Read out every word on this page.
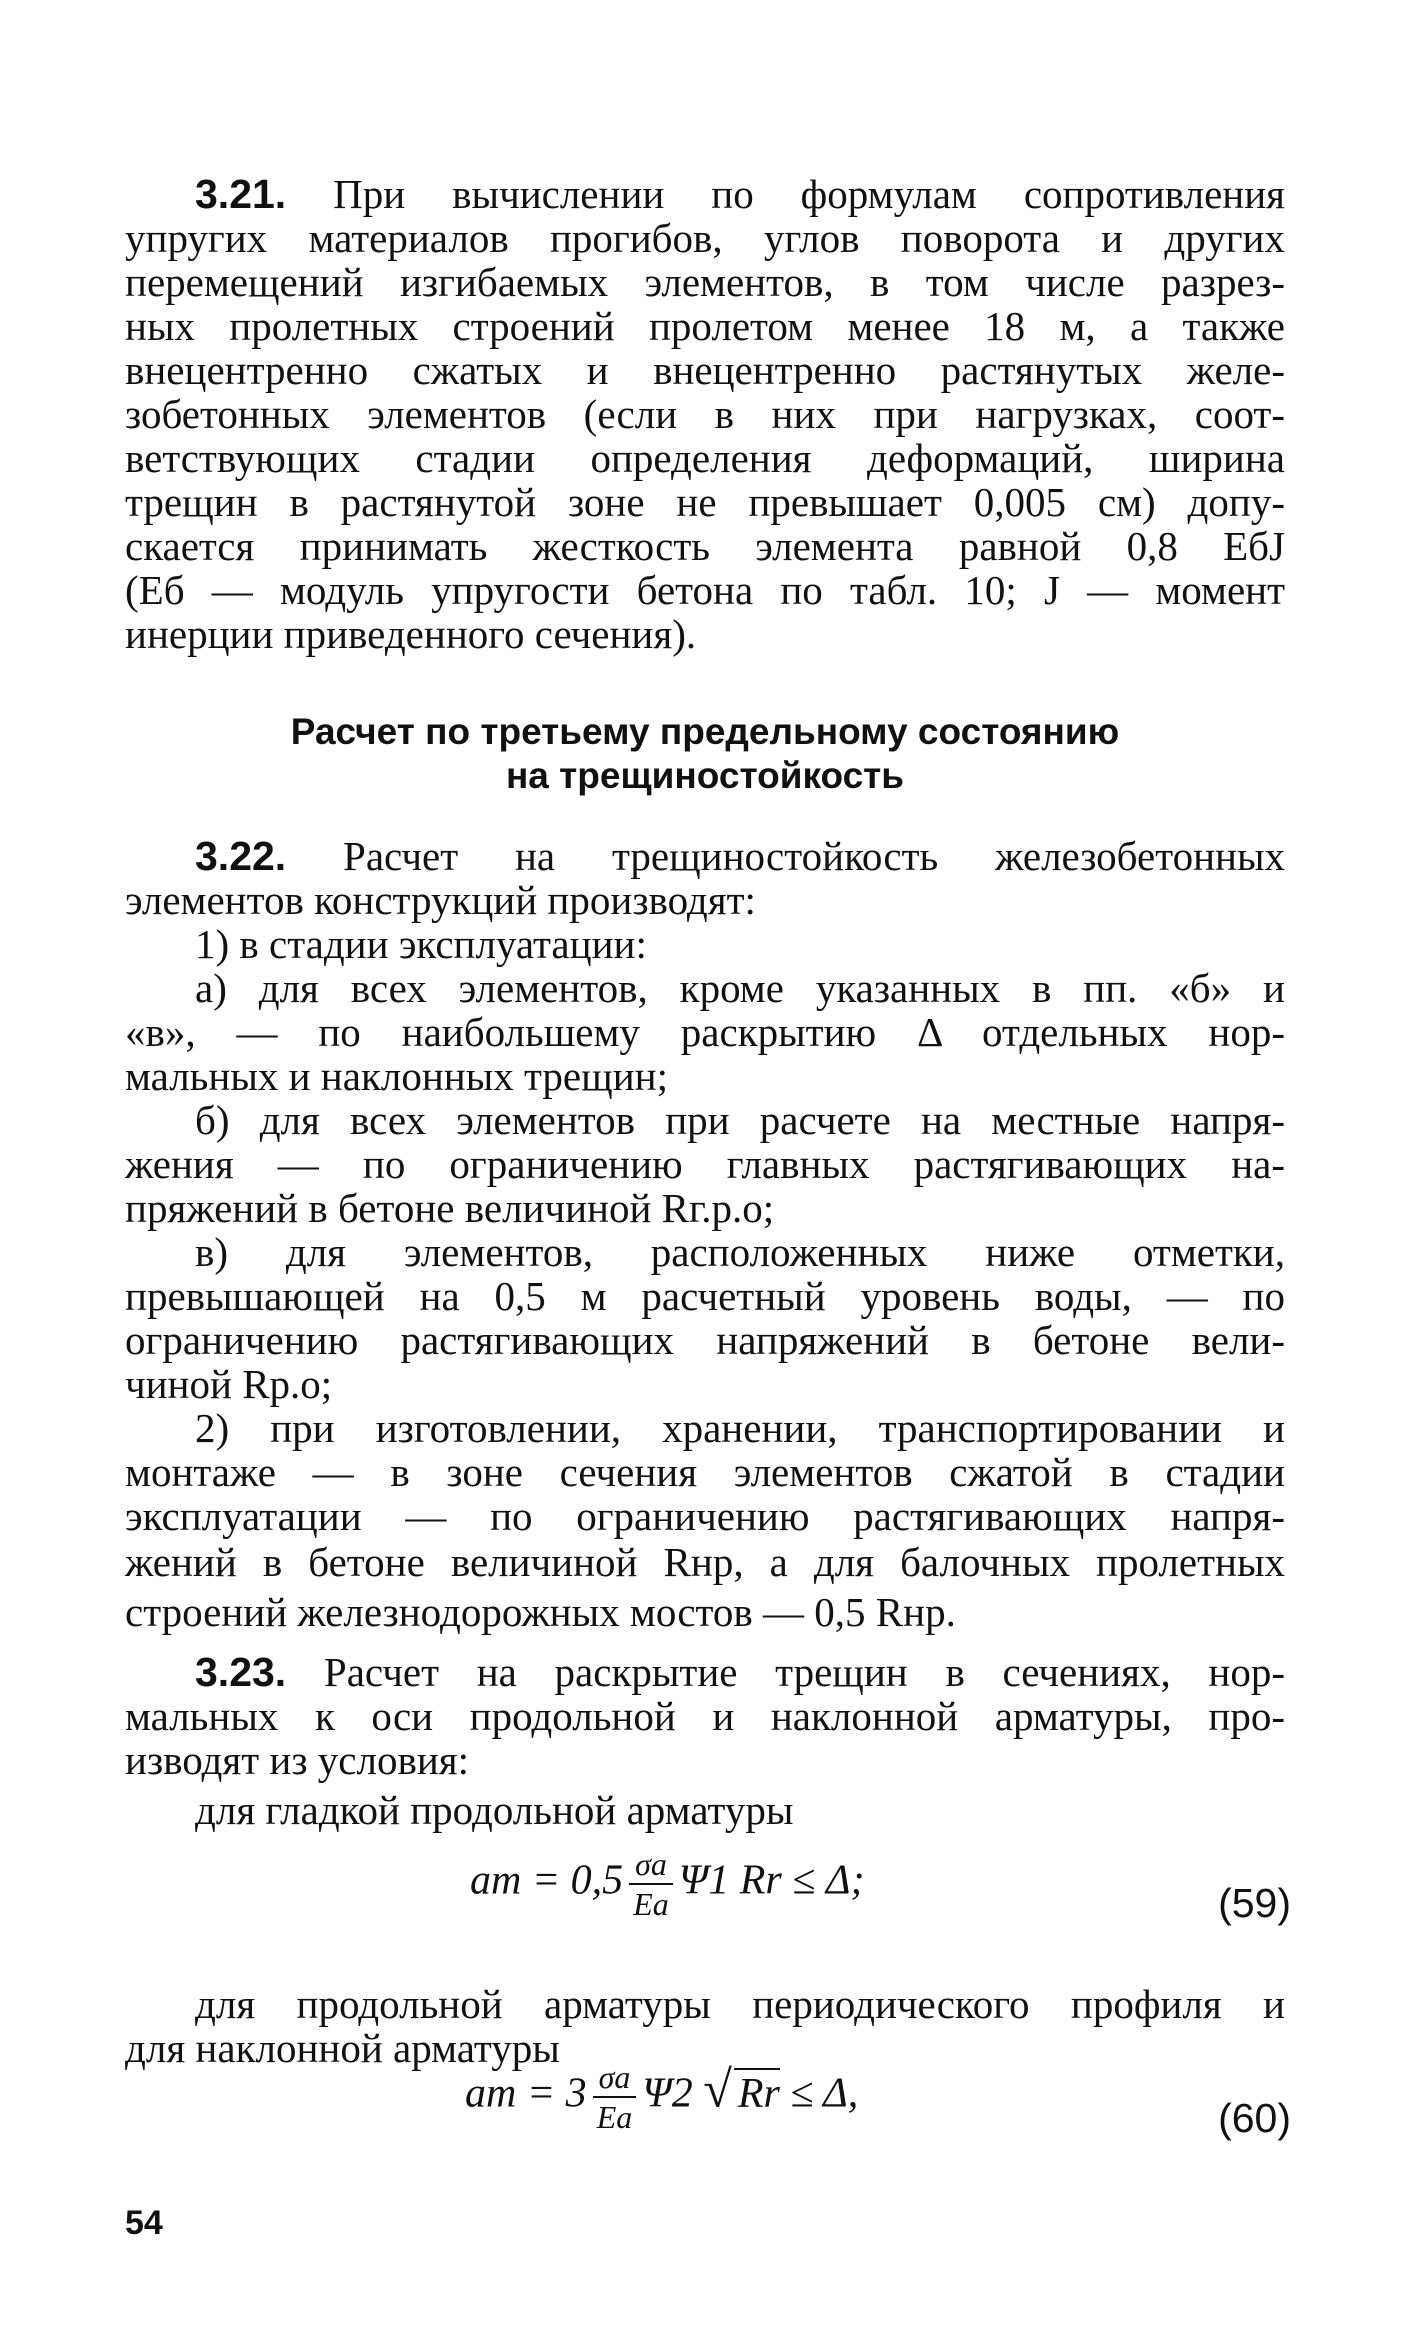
3.21. При вычислении по формулам сопротивления
упругих материалов прогибов, углов поворота и других
перемещений изгибаемых элементов, в том числе разрез-
ных пролетных строений пролетом менее 18 м, а также
внецентренно сжатых и внецентренно растянутых желе-
зобетонных элементов (если в них при нагрузках, соот-
ветствующих стадии определения деформаций, ширина
трещин в растянутой зоне не превышает 0,005 см) допу-
скается принимать жесткость элемента равной 0,8 EбJ
(Eб — модуль упругости бетона по табл. 10; J — момент
инерции приведенного сечения).
Расчет по третьему предельному состоянию
на трещиностойкость
3.22. Расчет на трещиностойкость железобетонных
элементов конструкций производят:
1) в стадии эксплуатации:
а) для всех элементов, кроме указанных в пп. «б» и
«в», — по наибольшему раскрытию Δ отдельных нор-
мальных и наклонных трещин;
б) для всех элементов при расчете на местные напря-
жения — по ограничению главных растягивающих на-
пряжений в бетоне величиной Rг.р.о;
в) для элементов, расположенных ниже отметки,
превышающей на 0,5 м расчетный уровень воды, — по
ограничению растягивающих напряжений в бетоне вели-
чиной Rр.о;
2) при изготовлении, хранении, транспортировании и
монтаже — в зоне сечения элементов сжатой в стадии
эксплуатации — по ограничению растягивающих напря-
жений в бетоне величиной Rнр, а для балочных пролетных
строений железнодорожных мостов — 0,5 Rнр.
3.23. Расчет на раскрытие трещин в сечениях, нор-
мальных к оси продольной и наклонной арматуры, про-
изводят из условия:
для гладкой продольной арматуры
aт = $0,5 \frac{\sigma а}{Eа} \Psi 1$ Rr ≤ Δ;	(59)
для продольной арматуры периодического профиля и
для наклонной арматуры
aт = $3 \frac{\sigma а}{Eа} \Psi 2$ √ Rr ≤ Δ,
(60)
54
